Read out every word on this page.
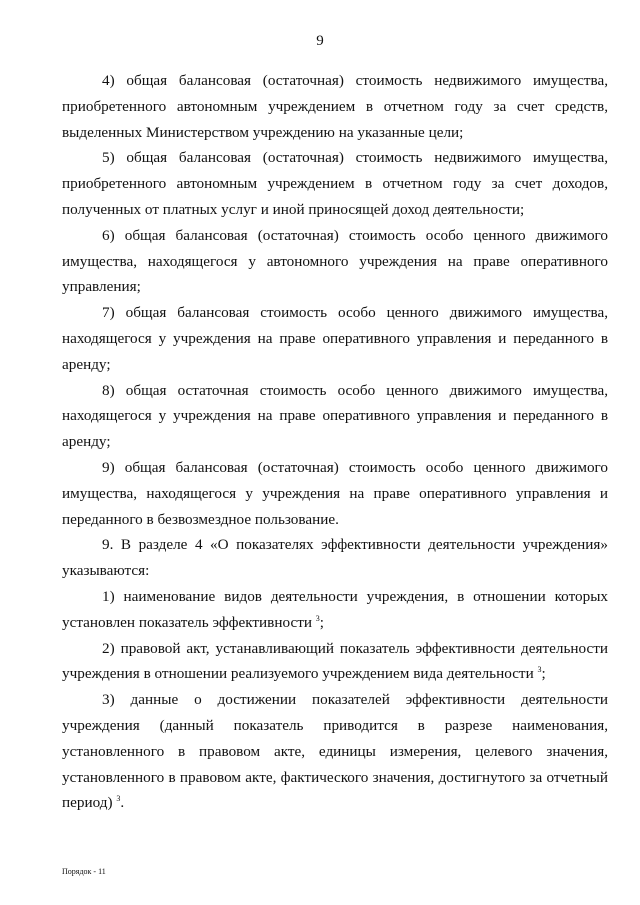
9

4) общая балансовая (остаточная) стоимость недвижимого имущества, приобретенного автономным учреждением в отчетном году за счет средств, выделенных Министерством учреждению на указанные цели;

5) общая балансовая (остаточная) стоимость недвижимого имущества, приобретенного автономным учреждением в отчетном году за счет доходов, полученных от платных услуг и иной приносящей доход деятельности;

6) общая балансовая (остаточная) стоимость особо ценного движимого имущества, находящегося у автономного учреждения на праве оперативного управления;

7) общая балансовая стоимость особо ценного движимого имущества, находящегося у учреждения на праве оперативного управления и переданного в аренду;

8) общая остаточная стоимость особо ценного движимого имущества, находящегося у учреждения на праве оперативного управления и переданного в аренду;

9) общая балансовая (остаточная) стоимость особо ценного движимого имущества, находящегося у учреждения на праве оперативного управления и переданного в безвозмездное пользование.

9. В разделе 4 «О показателях эффективности деятельности учреждения» указываются:

1) наименование видов деятельности учреждения, в отношении которых установлен показатель эффективности $^3$;

2) правовой акт, устанавливающий показатель эффективности деятельности учреждения в отношении реализуемого учреждением вида деятельности $^3$;

3) данные о достижении показателей эффективности деятельности учреждения (данный показатель приводится в разрезе наименования, установленного в правовом акте, единицы измерения, целевого значения, установленного в правовом акте, фактического значения, достигнутого за отчетный период) $^3$.

Порядок - 11
